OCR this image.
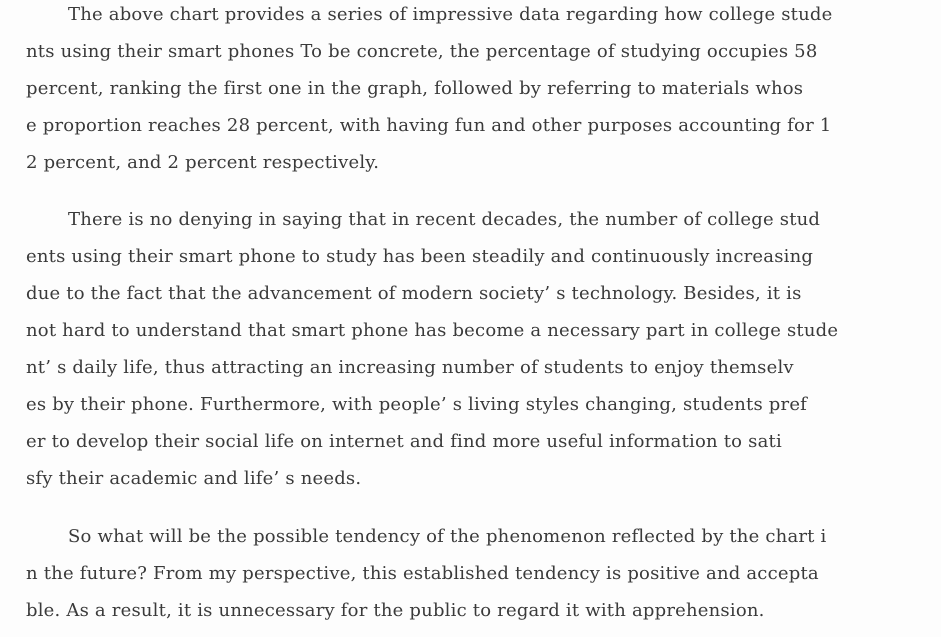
The above chart provides a series of impressive data regarding how college stude
nts using their smart phones To be concrete, the percentage of studying occupies 58
percent, ranking the first one in the graph, followed by referring to materials whos
e proportion reaches 28 percent, with having fun and other purposes accounting for 1
2 percent, and 2 percent respectively.
There is no denying in saying that in recent decades, the number of college stud
ents using their smart phone to study has been steadily and continuously increasing
due to the fact that the advancement of modern society’ s technology. Besides, it is
not hard to understand that smart phone has become a necessary part in college stude
nt’ s daily life, thus attracting an increasing number of students to enjoy themselv
es by their phone. Furthermore, with people’ s living styles changing, students pref
er to develop their social life on internet and find more useful information to sati
sfy their academic and life’ s needs.
So what will be the possible tendency of the phenomenon reflected by the chart i
n the future? From my perspective, this established tendency is positive and accepta
ble. As a result, it is unnecessary for the public to regard it with apprehension.
